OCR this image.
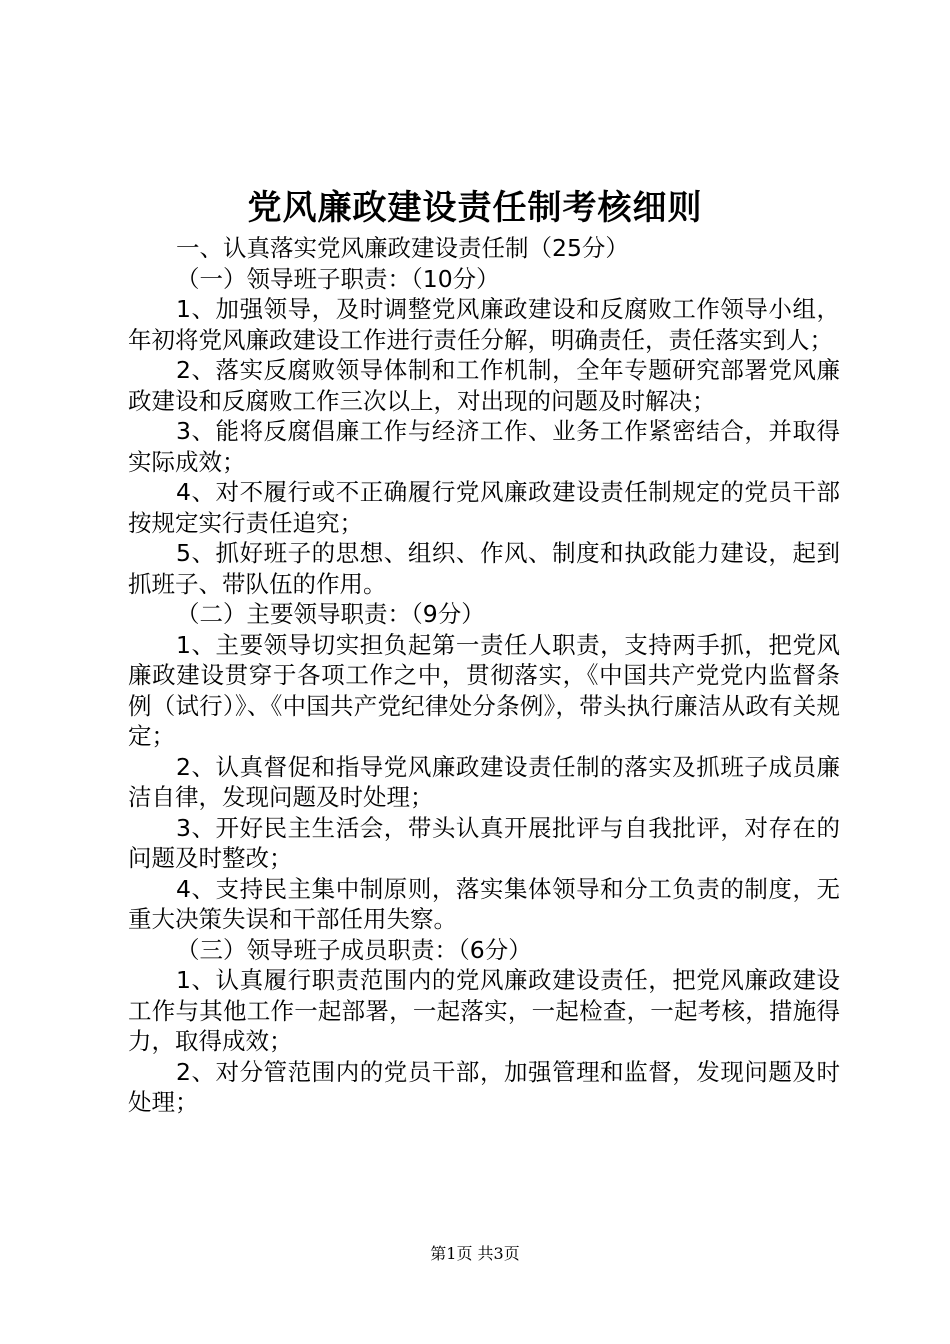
党风廉政建设责任制考核细则

一、认真落实党风廉政建设责任制（25分）

（一）领导班子职责：（10分）

1、加强领导，及时调整党风廉政建设和反腐败工作领导小组，年初将党风廉政建设工作进行责任分解，明确责任，责任落实到人；

2、落实反腐败领导体制和工作机制，全年专题研究部署党风廉政建设和反腐败工作三次以上，对出现的问题及时解决；

3、能将反腐倡廉工作与经济工作、业务工作紧密结合，并取得实际成效；

4、对不履行或不正确履行党风廉政建设责任制规定的党员干部按规定实行责任追究；

5、抓好班子的思想、组织、作风、制度和执政能力建设，起到抓班子、带队伍的作用。

（二）主要领导职责：（9分）

1、主要领导切实担负起第一责任人职责，支持两手抓，把党风廉政建设贯穿于各项工作之中，贯彻落实，《中国共产党党内监督条例（试行）》、《中国共产党纪律处分条例》，带头执行廉洁从政有关规定；

2、认真督促和指导党风廉政建设责任制的落实及抓班子成员廉洁自律，发现问题及时处理；

3、开好民主生活会，带头认真开展批评与自我批评，对存在的问题及时整改；

4、支持民主集中制原则，落实集体领导和分工负责的制度，无重大决策失误和干部任用失察。

（三）领导班子成员职责：（6分）

1、认真履行职责范围内的党风廉政建设责任，把党风廉政建设工作与其他工作一起部署，一起落实，一起检查，一起考核，措施得力，取得成效；

2、对分管范围内的党员干部，加强管理和监督，发现问题及时处理；

第1页 共3页
